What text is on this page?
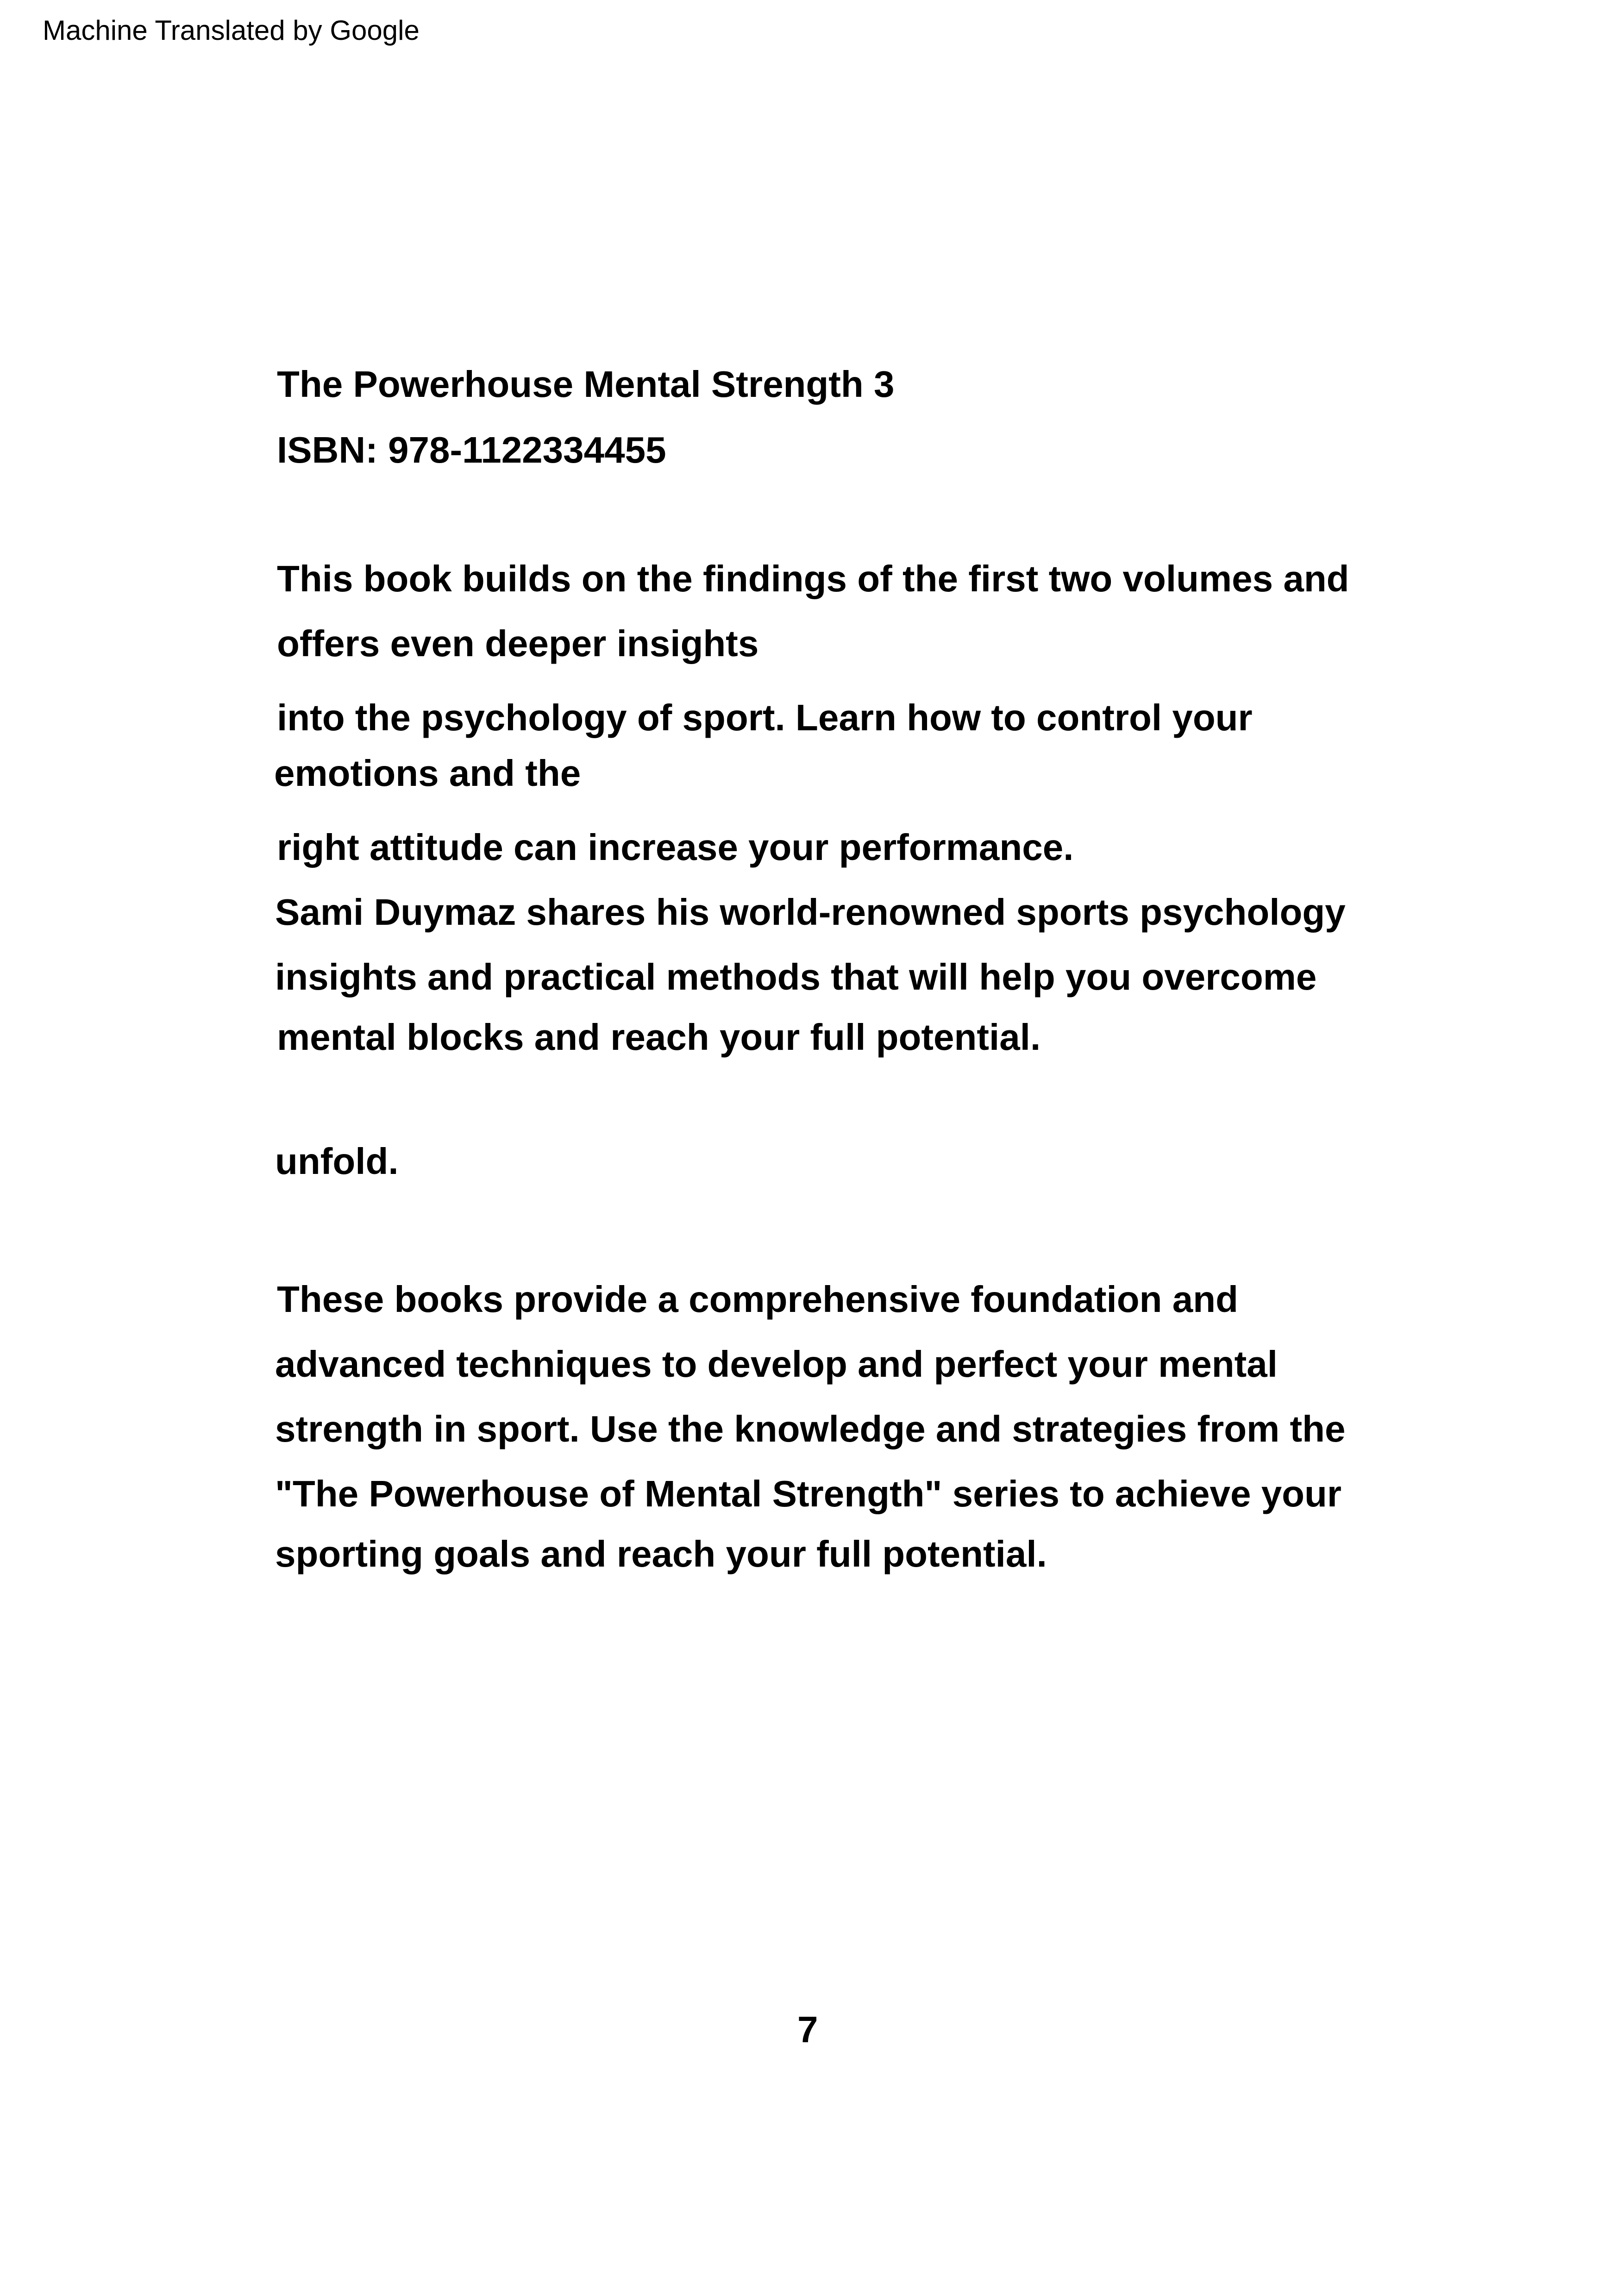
Machine Translated by Google
The Powerhouse Mental Strength 3
ISBN: 978-1122334455
This book builds on the findings of the first two volumes and
offers even deeper insights
into the psychology of sport. Learn how to control your
emotions and the
right attitude can increase your performance.
Sami Duymaz shares his world-renowned sports psychology
insights and practical methods that will help you overcome
mental blocks and reach your full potential.
unfold.
These books provide a comprehensive foundation and
advanced techniques to develop and perfect your mental
strength in sport. Use the knowledge and strategies from the
"The Powerhouse of Mental Strength" series to achieve your
sporting goals and reach your full potential.
7
